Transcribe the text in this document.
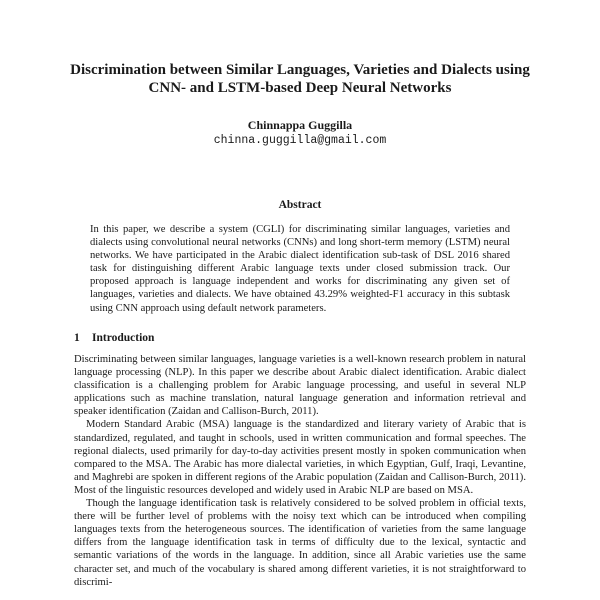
Discrimination between Similar Languages, Varieties and Dialects using
CNN- and LSTM-based Deep Neural Networks
Chinnappa Guggilla
chinna.guggilla@gmail.com
Abstract

In this paper, we describe a system (CGLI) for discriminating similar languages, varieties and dialects using convolutional neural networks (CNNs) and long short-term memory (LSTM) neural networks. We have participated in the Arabic dialect identification sub-task of DSL 2016 shared task for distinguishing different Arabic language texts under closed submission track. Our proposed approach is language independent and works for discriminating any given set of languages, varieties and dialects. We have obtained 43.29% weighted-F1 accuracy in this subtask using CNN approach using default network parameters.

1 Introduction

Discriminating between similar languages, language varieties is a well-known research problem in natural language processing (NLP). In this paper we describe about Arabic dialect identification. Arabic dialect classification is a challenging problem for Arabic language processing, and useful in several NLP applications such as machine translation, natural language generation and information retrieval and speaker identification (Zaidan and Callison-Burch, 2011).

Modern Standard Arabic (MSA) language is the standardized and literary variety of Arabic that is standardized, regulated, and taught in schools, used in written communication and formal speeches. The regional dialects, used primarily for day-to-day activities present mostly in spoken communication when compared to the MSA. The Arabic has more dialectal varieties, in which Egyptian, Gulf, Iraqi, Levantine, and Maghrebi are spoken in different regions of the Arabic population (Zaidan and Callison-Burch, 2011). Most of the linguistic resources developed and widely used in Arabic NLP are based on MSA.

Though the language identification task is relatively considered to be solved problem in official texts, there will be further level of problems with the noisy text which can be introduced when compiling languages texts from the heterogeneous sources. The identification of varieties from the same language differs from the language identification task in terms of difficulty due to the lexical, syntactic and semantic variations of the words in the language. In addition, since all Arabic varieties use the same character set, and much of the vocabulary is shared among different varieties, it is not straightforward to discrimi-
